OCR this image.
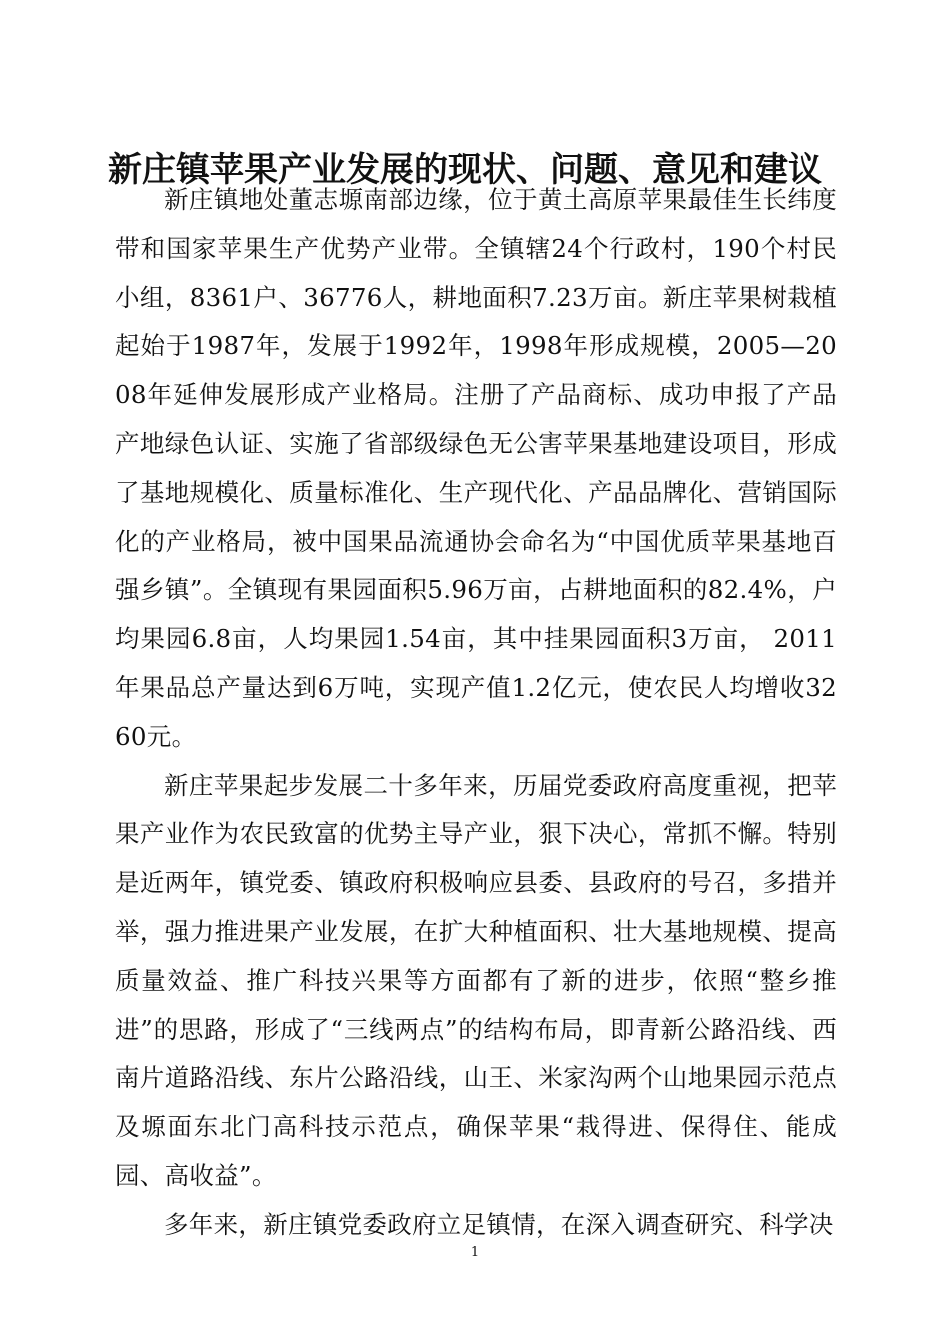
新庄镇苹果产业发展的现状、问题、意见和建议

新庄镇地处董志塬南部边缘，位于黄土高原苹果最佳生长纬度带和国家苹果生产优势产业带。全镇辖24个行政村，190个村民小组，8361户、36776人，耕地面积7.23万亩。新庄苹果树栽植起始于1987年，发展于1992年，1998年形成规模，2005—2008年延伸发展形成产业格局。注册了产品商标、成功申报了产品产地绿色认证、实施了省部级绿色无公害苹果基地建设项目，形成了基地规模化、质量标准化、生产现代化、产品品牌化、营销国际化的产业格局，被中国果品流通协会命名为“中国优质苹果基地百强乡镇”。全镇现有果园面积5.96万亩，占耕地面积的82.4%，户均果园6.8亩，人均果园1.54亩，其中挂果园面积3万亩， 2011年果品总产量达到6万吨，实现产值1.2亿元，使农民人均增收3260元。

新庄苹果起步发展二十多年来，历届党委政府高度重视，把苹果产业作为农民致富的优势主导产业，狠下决心，常抓不懈。特别是近两年，镇党委、镇政府积极响应县委、县政府的号召，多措并举，强力推进果产业发展，在扩大种植面积、壮大基地规模、提高质量效益、推广科技兴果等方面都有了新的进步，依照“整乡推进”的思路，形成了“三线两点”的结构布局，即青新公路沿线、西南片道路沿线、东片公路沿线，山王、米家沟两个山地果园示范点及塬面东北门高科技示范点，确保苹果“栽得进、保得住、能成园、高收益”。

多年来，新庄镇党委政府立足镇情，在深入调查研究、科学决

1
